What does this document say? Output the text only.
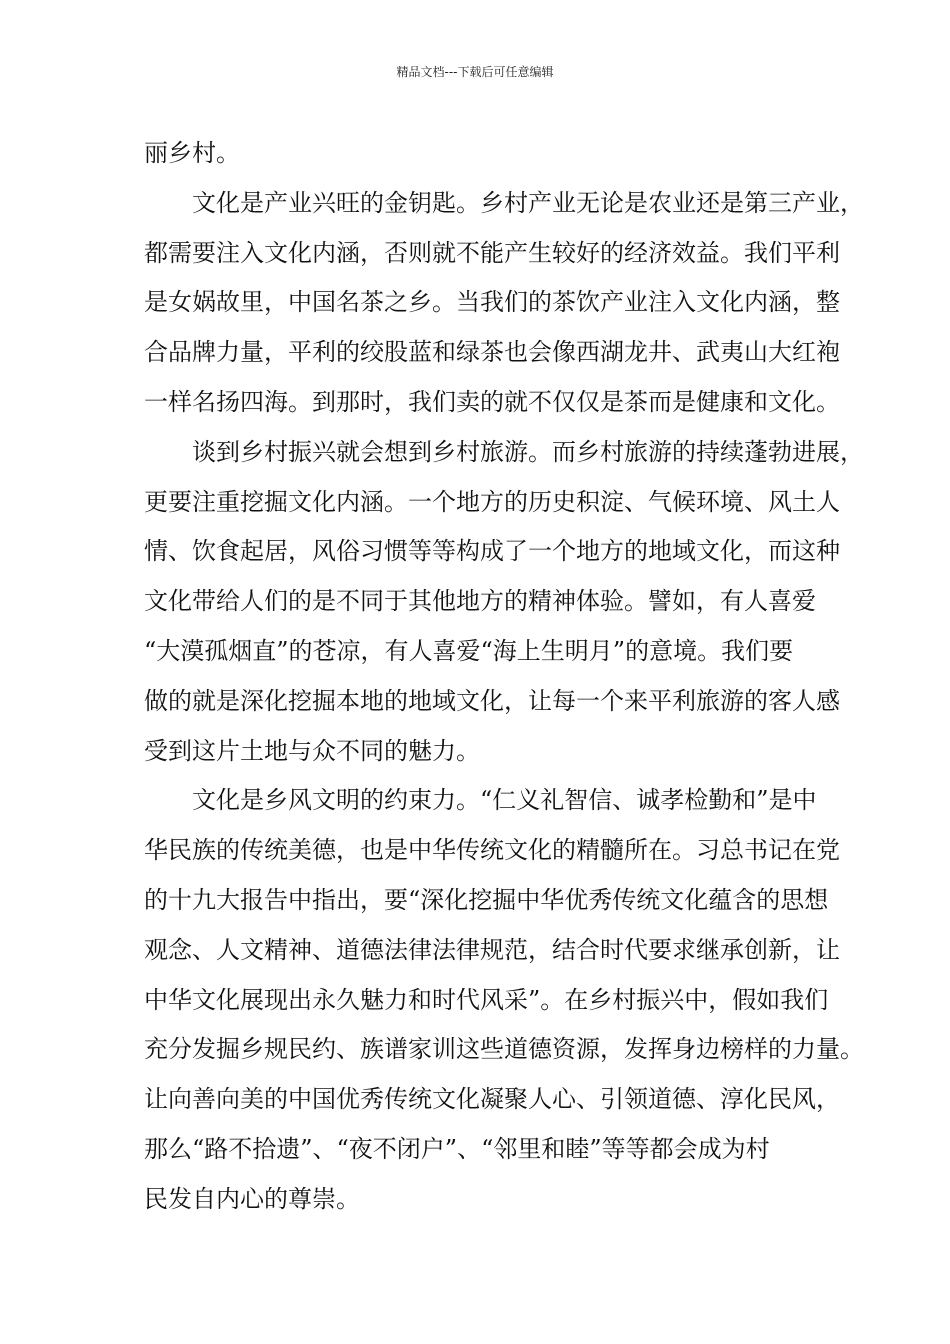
精品文档---下载后可任意编辑
丽乡村。
文化是产业兴旺的金钥匙。乡村产业无论是农业还是第三产业，
都需要注入文化内涵，否则就不能产生较好的经济效益。我们平利
是女娲故里，中国名茶之乡。当我们的茶饮产业注入文化内涵，整
合品牌力量，平利的绞股蓝和绿茶也会像西湖龙井、武夷山大红袍
一样名扬四海。到那时，我们卖的就不仅仅是茶而是健康和文化。
谈到乡村振兴就会想到乡村旅游。而乡村旅游的持续蓬勃进展，
更要注重挖掘文化内涵。一个地方的历史积淀、气候环境、风土人
情、饮食起居，风俗习惯等等构成了一个地方的地域文化，而这种
文化带给人们的是不同于其他地方的精神体验。譬如，有人喜爱
“大漠孤烟直”的苍凉，有人喜爱“海上生明月”的意境。我们要
做的就是深化挖掘本地的地域文化，让每一个来平利旅游的客人感
受到这片土地与众不同的魅力。
文化是乡风文明的约束力。“仁义礼智信、诚孝检勤和”是中
华民族的传统美德，也是中华传统文化的精髓所在。习总书记在党
的十九大报告中指出，要“深化挖掘中华优秀传统文化蕴含的思想
观念、人文精神、道德法律法律规范，结合时代要求继承创新，让
中华文化展现出永久魅力和时代风采”。在乡村振兴中，假如我们
充分发掘乡规民约、族谱家训这些道德资源，发挥身边榜样的力量。
让向善向美的中国优秀传统文化凝聚人心、引领道德、淳化民风，
那么“路不拾遗”、“夜不闭户”、“邻里和睦”等等都会成为村
民发自内心的尊崇。
